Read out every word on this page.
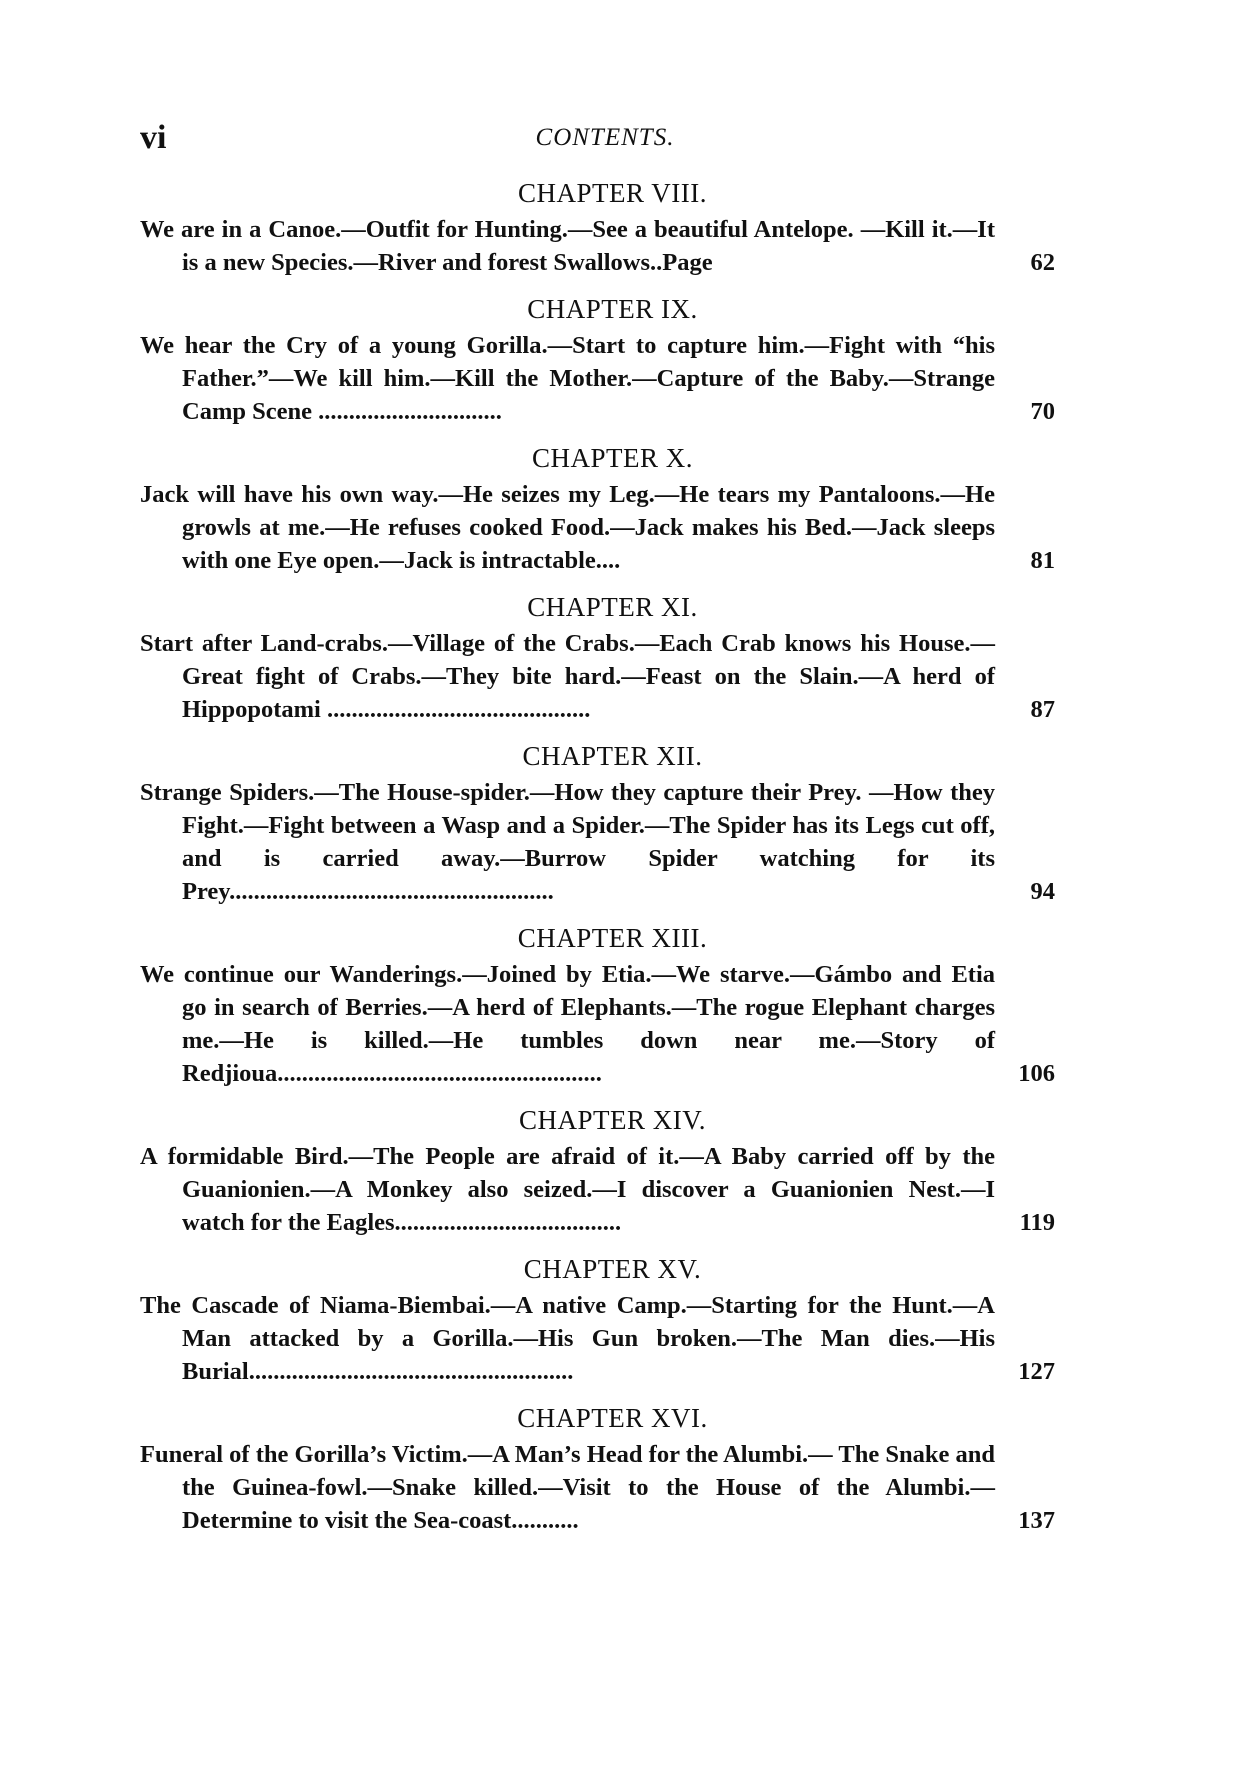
vi	CONTENTS.
CHAPTER VIII.
We are in a Canoe.—Outfit for Hunting.—See a beautiful Antelope. —Kill it.—It is a new Species.—River and forest Swallows..Page	62
CHAPTER IX.
We hear the Cry of a young Gorilla.—Start to capture him.—Fight with “his Father.”—We kill him.—Kill the Mother.—Capture of the Baby.—Strange Camp Scene ..............................	70
CHAPTER X.
Jack will have his own way.—He seizes my Leg.—He tears my Pantaloons.—He growls at me.—He refuses cooked Food.—Jack makes his Bed.—Jack sleeps with one Eye open.—Jack is intractable....	81
CHAPTER XI.
Start after Land-crabs.—Village of the Crabs.—Each Crab knows his House.—Great fight of Crabs.—They bite hard.—Feast on the Slain.—A herd of Hippopotami ...........................................	87
CHAPTER XII.
Strange Spiders.—The House-spider.—How they capture their Prey. —How they Fight.—Fight between a Wasp and a Spider.—The Spider has its Legs cut off, and is carried away.—Burrow Spider watching for its Prey.....................................................	94
CHAPTER XIII.
We continue our Wanderings.—Joined by Etia.—We starve.—Gámbo and Etia go in search of Berries.—A herd of Elephants.—The rogue Elephant charges me.—He is killed.—He tumbles down near me.—Story of Redjioua.....................................................	106
CHAPTER XIV.
A formidable Bird.—The People are afraid of it.—A Baby carried off by the Guanionien.—A Monkey also seized.—I discover a Guanionien Nest.—I watch for the Eagles.....................................	119
CHAPTER XV.
The Cascade of Niama-Biembai.—A native Camp.—Starting for the Hunt.—A Man attacked by a Gorilla.—His Gun broken.—The Man dies.—His Burial.....................................................	127
CHAPTER XVI.
Funeral of the Gorilla’s Victim.—A Man’s Head for the Alumbi.— The Snake and the Guinea-fowl.—Snake killed.—Visit to the House of the Alumbi.—Determine to visit the Sea-coast...........	137
